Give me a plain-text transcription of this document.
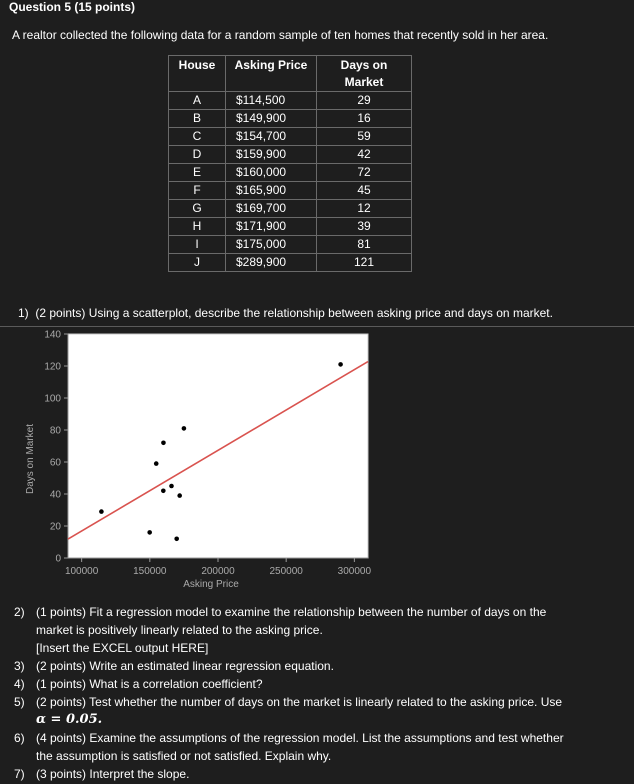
Question 5 (15 points)
A realtor collected the following data for a random sample of ten homes that recently sold in her area.
House	Asking Price	Days on
Market
A	$114,500	29
B	$149,900	16
C	$154,700	59
D	$159,900	42
E	$160,000	72
F	$165,900	45
G	$169,700	12
H	$171,900	39
I	$175,000	81
J	$289,900	121
1)  (2 points) Using a scatterplot, describe the relationship between asking price and days on market.
0
20
40
60
80
100
120
140
100000	150000	200000	250000	300000
Asking Price
Days on Market
2) (1 points) Fit a regression model to examine the relationship between the number of days on the
market is positively linearly related to the asking price.
[Insert the EXCEL output HERE]
3) (2 points) Write an estimated linear regression equation.
4) (1 points) What is a correlation coefficient?
5) (2 points) Test whether the number of days on the market is linearly related to the asking price. Use
α = 0.05.
6) (4 points) Examine the assumptions of the regression model. List the assumptions and test whether
the assumption is satisfied or not satisfied. Explain why.
7) (3 points) Interpret the slope.
